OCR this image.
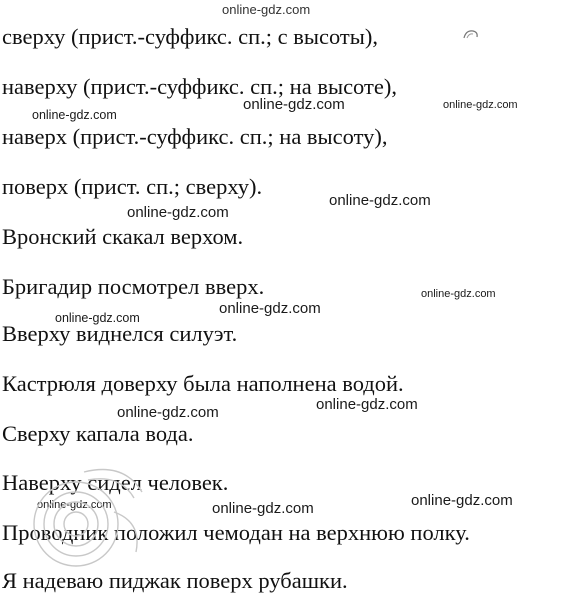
сверху (прист.-суффикс. сп.; с высоты),
наверху (прист.-суффикс. сп.; на высоте),
наверх (прист.-суффикс. сп.; на высоту),
поверх (прист. сп.; сверху).
Вронский скакал верхом.
Бригадир посмотрел вверх.
Вверху виднелся силуэт.
Кастрюля доверху была наполнена водой.
Сверху капала вода.
Наверху сидел человек.
Проводник положил чемодан на верхнюю полку.
Я надеваю пиджак поверх рубашки.
online-gdz.com
online-gdz.com
online-gdz.com	online-gdz.com
online-gdz.com
online-gdz.com
online-gdz.com
online-gdz.com
online-gdz.com
online-gdz.com
online-gdz.com
online-gdz.com
online-gdz.com
online-gdz.com
